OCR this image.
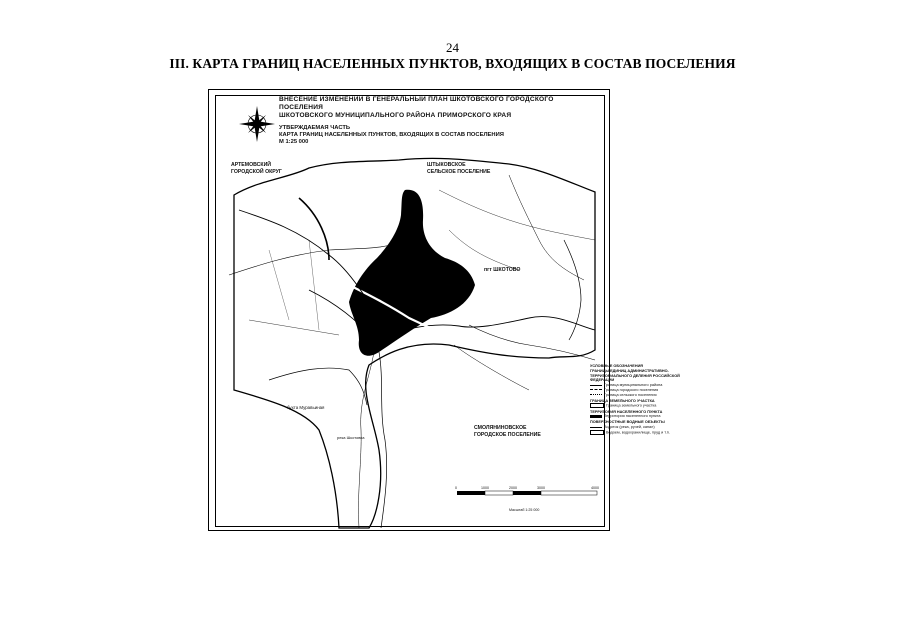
24
III. КАРТА ГРАНИЦ НАСЕЛЕННЫХ ПУНКТОВ, ВХОДЯЩИХ В СОСТАВ ПОСЕЛЕНИЯ
ВНЕСЕНИЕ ИЗМЕНЕНИЙ В ГЕНЕРАЛЬНЫЙ ПЛАН ШКОТОВСКОГО ГОРОДСКОГО ПОСЕЛЕНИЯ
ШКОТОВСКОГО МУНИЦИПАЛЬНОГО РАЙОНА ПРИМОРСКОГО КРАЯ
УТВЕРЖДАЕМАЯ ЧАСТЬ
КАРТА ГРАНИЦ НАСЕЛЕННЫХ ПУНКТОВ, ВХОДЯЩИХ В СОСТАВ ПОСЕЛЕНИЯ
М 1:25 000
АРТЕМОВСКИЙ
ГОРОДСКОЙ ОКРУГ
ШТЫКОВСКОЕ
СЕЛЬСКОЕ ПОСЕЛЕНИЕ
пгт ШКОТОВО
СМОЛЯНИНОВСКОЕ
ГОРОДСКОЕ ПОСЕЛЕНИЕ
бухта Муравьиная
река Шкотовка
0	1000	2000	3000	4000
Масштаб 1:25 000
УСЛОВНЫЕ ОБОЗНАЧЕНИЯ
ГРАНИЦЫ ЕДИНИЦ АДМИНИСТРАТИВНО-ТЕРРИТОРИАЛЬНОГО ДЕЛЕНИЯ РОССИЙСКОЙ ФЕДЕРАЦИИ
Граница муниципального района
Граница городского поселения
Граница сельского поселения
ГРАНИЦА ЗЕМЕЛЬНОГО УЧАСТКА
Граница земельного участка
ТЕРРИТОРИЯ НАСЕЛЕННОГО ПУНКТА
Территория населенного пункта
ПОВЕРХНОСТНЫЕ ВОДНЫЕ ОБЪЕКТЫ
Водоток (река, ручей, канал)
Водоем, водохранилище, пруд и т.п.
